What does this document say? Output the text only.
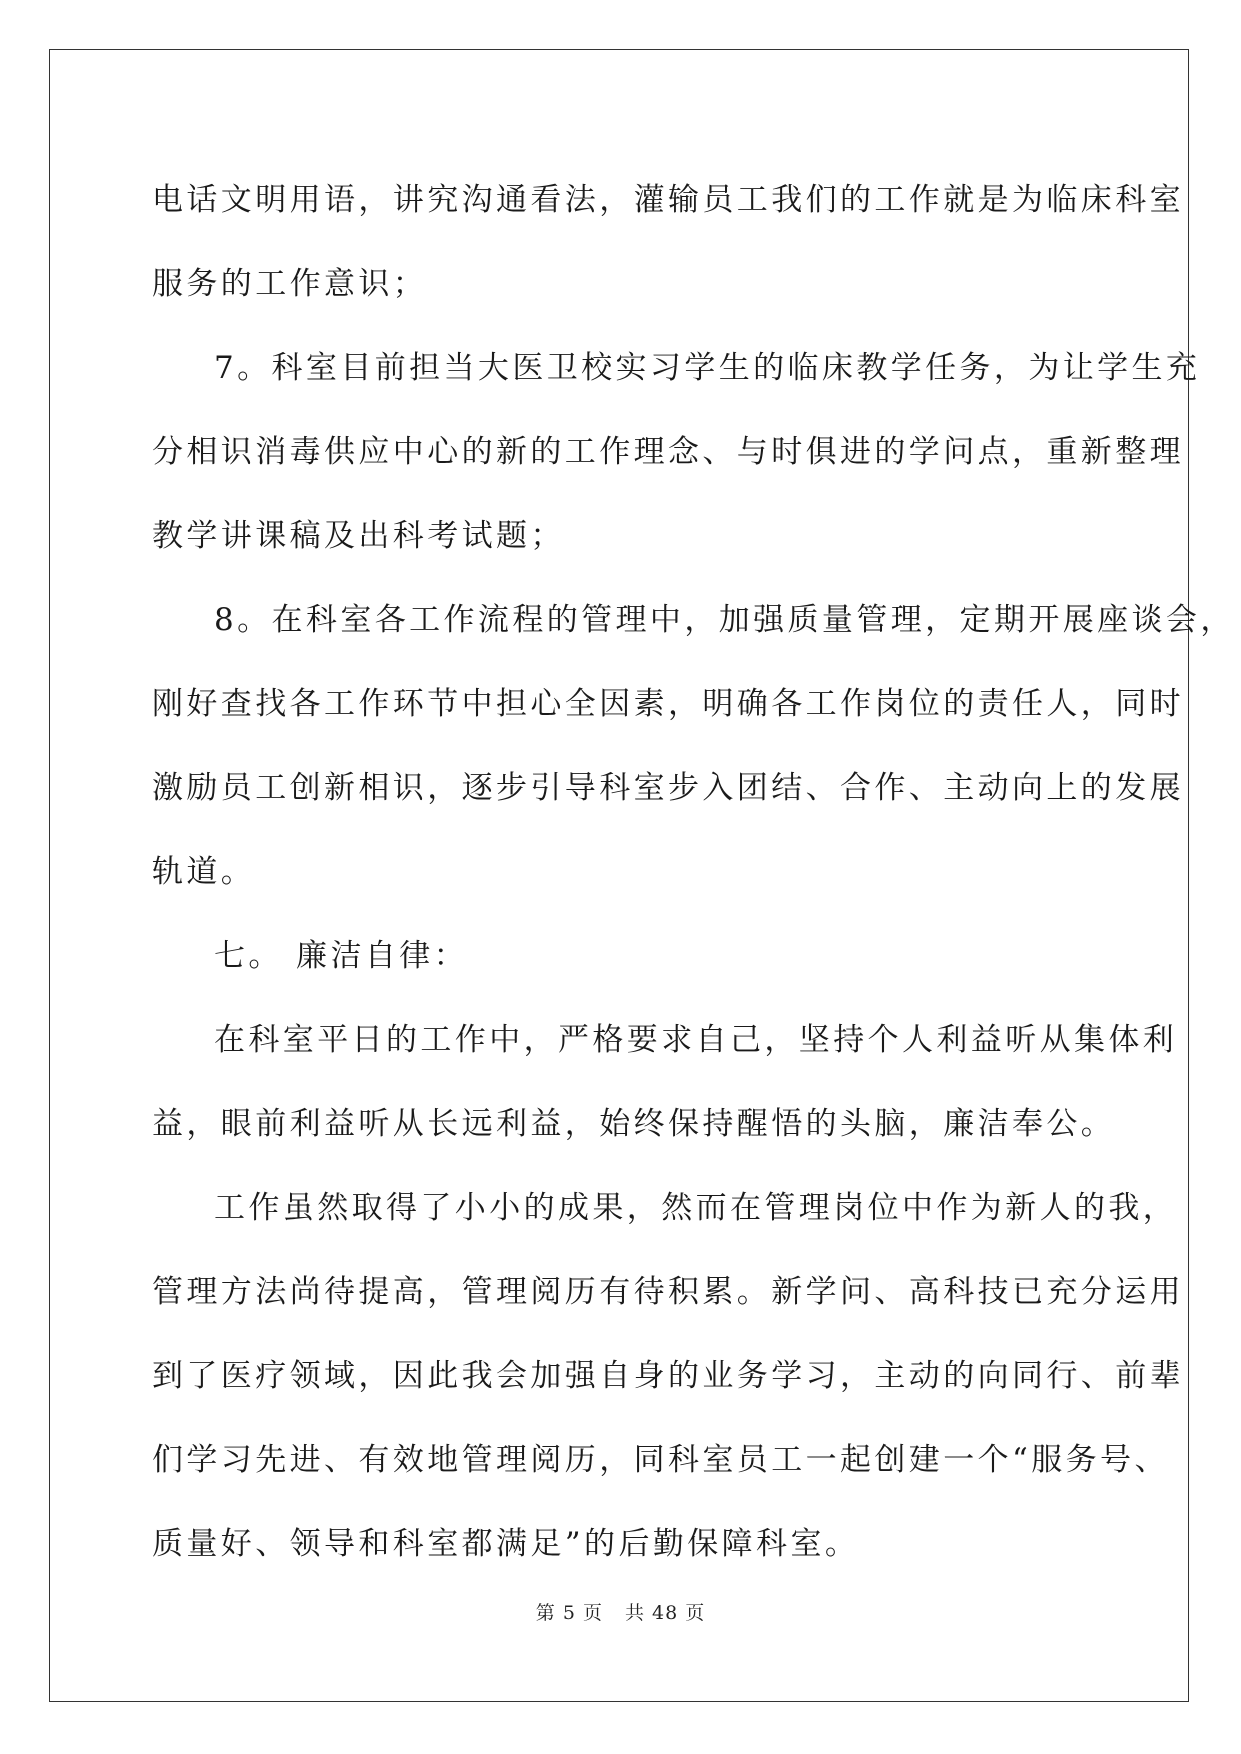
电话文明用语，讲究沟通看法，灌输员工我们的工作就是为临床科室
服务的工作意识；
7。科室目前担当大医卫校实习学生的临床教学任务，为让学生充
分相识消毒供应中心的新的工作理念、与时俱进的学问点，重新整理
教学讲课稿及出科考试题；
8。在科室各工作流程的管理中，加强质量管理，定期开展座谈会，
刚好查找各工作环节中担心全因素，明确各工作岗位的责任人，同时
激励员工创新相识，逐步引导科室步入团结、合作、主动向上的发展
轨道。
七。 廉洁自律：
在科室平日的工作中，严格要求自己，坚持个人利益听从集体利
益，眼前利益听从长远利益，始终保持醒悟的头脑，廉洁奉公。
工作虽然取得了小小的成果，然而在管理岗位中作为新人的我，
管理方法尚待提高，管理阅历有待积累。新学问、高科技已充分运用
到了医疗领域，因此我会加强自身的业务学习，主动的向同行、前辈
们学习先进、有效地管理阅历，同科室员工一起创建一个“服务号、
质量好、领导和科室都满足”的后勤保障科室。
第 5 页 共 48 页
